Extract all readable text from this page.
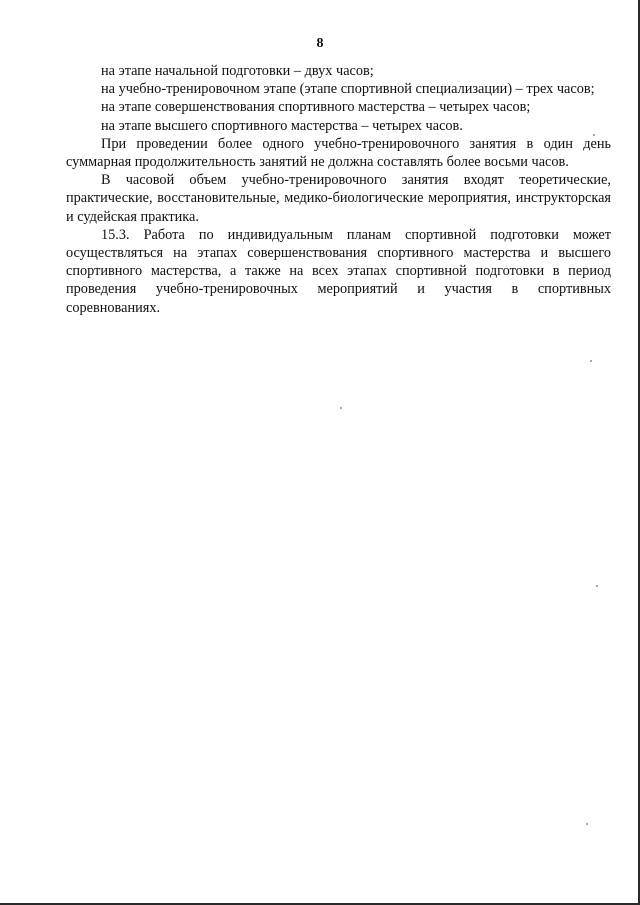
8

на этапе начальной подготовки – двух часов;

на учебно-тренировочном этапе (этапе спортивной специализации) – трех часов;

на этапе совершенствования спортивного мастерства – четырех часов;

на этапе высшего спортивного мастерства – четырех часов.

При проведении более одного учебно-тренировочного занятия в один день суммарная продолжительность занятий не должна составлять более восьми часов.

В часовой объем учебно-тренировочного занятия входят теоретические, практические, восстановительные, медико-биологические мероприятия, инструкторская и судейская практика.

15.3. Работа по индивидуальным планам спортивной подготовки может осуществляться на этапах совершенствования спортивного мастерства и высшего спортивного мастерства, а также на всех этапах спортивной подготовки в период проведения учебно-тренировочных мероприятий и участия в спортивных соревнованиях.
